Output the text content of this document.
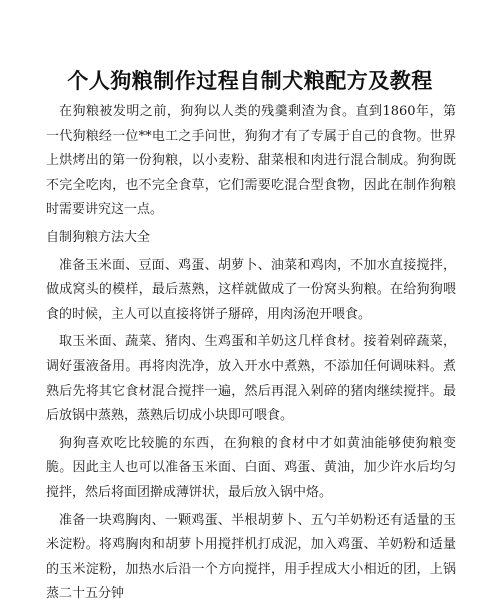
个人狗粮制作过程自制犬粮配方及教程

在狗粮被发明之前，狗狗以人类的残羹剩渣为食。直到1860年，第一代狗粮经一位**电工之手问世，狗狗才有了专属于自己的食物。世界上烘烤出的第一份狗粮，以小麦粉、甜菜根和肉进行混合制成。狗狗既不完全吃肉，也不完全食草，它们需要吃混合型食物，因此在制作狗粮时需要讲究这一点。

自制狗粮方法大全

准备玉米面、豆面、鸡蛋、胡萝卜、油菜和鸡肉，不加水直接搅拌，做成窝头的模样，最后蒸熟，这样就做成了一份窝头狗粮。在给狗狗喂食的时候，主人可以直接将饼子掰碎，用肉汤泡开喂食。

取玉米面、蔬菜、猪肉、生鸡蛋和羊奶这几样食材。接着剁碎蔬菜，调好蛋液备用。再将肉洗净，放入开水中煮熟，不添加任何调味料。煮熟后先将其它食材混合搅拌一遍，然后再混入剁碎的猪肉继续搅拌。最后放锅中蒸熟，蒸熟后切成小块即可喂食。

狗狗喜欢吃比较脆的东西，在狗粮的食材中才如黄油能够使狗粮变脆。因此主人也可以准备玉米面、白面、鸡蛋、黄油，加少许水后均匀搅拌，然后将面团擀成薄饼状，最后放入锅中烙。

准备一块鸡胸肉、一颗鸡蛋、半根胡萝卜、五勺羊奶粉还有适量的玉米淀粉。将鸡胸肉和胡萝卜用搅拌机打成泥，加入鸡蛋、羊奶粉和适量的玉米淀粉，加热水后沿一个方向搅拌，用手捏成大小相近的团，上锅蒸二十五分钟
